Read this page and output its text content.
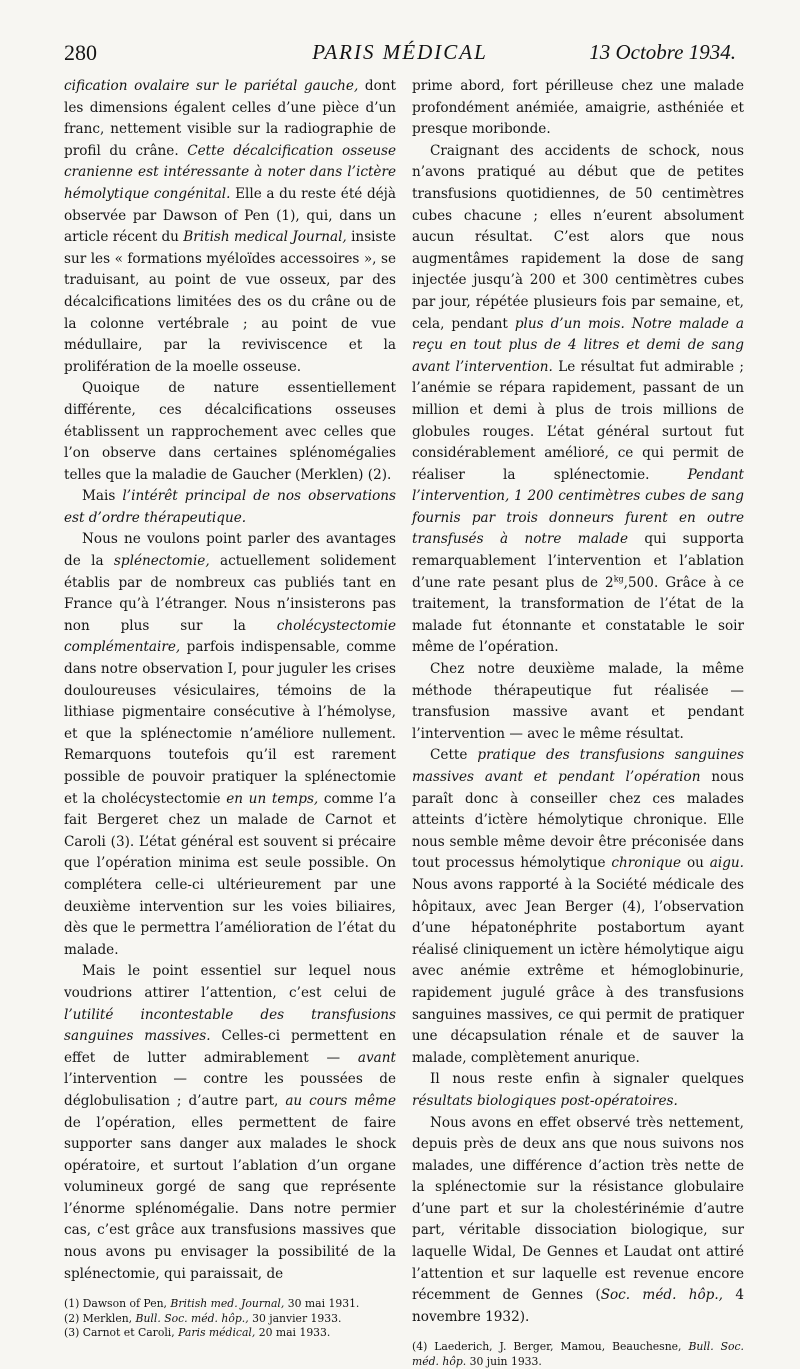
280	PARIS MÉDICAL	13 Octobre 1934.

cification ovalaire sur le pariétal gauche, dont les dimensions égalent celles d’une pièce d’un franc, nettement visible sur la radiographie de profil du crâne. Cette décalcification osseuse cranienne est intéressante à noter dans l’ictère hémolytique congénital. Elle a du reste été déjà observée par Dawson of Pen (1), qui, dans un article récent du British medical Journal, insiste sur les « formations myéloïdes accessoires », se traduisant, au point de vue osseux, par des décalcifications limitées des os du crâne ou de la colonne vertébrale ; au point de vue médullaire, par la reviviscence et la prolifération de la moelle osseuse.

Quoique de nature essentiellement différente, ces décalcifications osseuses établissent un rapprochement avec celles que l’on observe dans certaines splénomégalies telles que la maladie de Gaucher (Merklen) (2).

Mais l’intérêt principal de nos observations est d’ordre thérapeutique.

Nous ne voulons point parler des avantages de la splénectomie, actuellement solidement établis par de nombreux cas publiés tant en France qu’à l’étranger. Nous n’insisterons pas non plus sur la cholécystectomie complémentaire, parfois indispensable, comme dans notre observation I, pour juguler les crises douloureuses vésiculaires, témoins de la lithiase pigmentaire consécutive à l’hémolyse, et que la splénectomie n’améliore nullement. Remarquons toutefois qu’il est rarement possible de pouvoir pratiquer la splénectomie et la cholécystectomie en un temps, comme l’a fait Bergeret chez un malade de Carnot et Caroli (3). L’état général est souvent si précaire que l’opération minima est seule possible. On complétera celle-ci ultérieurement par une deuxième intervention sur les voies biliaires, dès que le permettra l’amélioration de l’état du malade.

Mais le point essentiel sur lequel nous voudrions attirer l’attention, c’est celui de l’utilité incontestable des transfusions sanguines massives. Celles-ci permettent en effet de lutter admirablement — avant l’intervention — contre les poussées de déglobulisation ; d’autre part, au cours même de l’opération, elles permettent de faire supporter sans danger aux malades le shock opératoire, et surtout l’ablation d’un organe volumineux gorgé de sang que représente l’énorme splénomégalie. Dans notre permier cas, c’est grâce aux transfusions massives que nous avons pu envisager la possibilité de la splénectomie, qui paraissait, de

(1) Dawson of Pen, British med. Journal, 30 mai 1931.

(2) Merklen, Bull. Soc. méd. hôp., 30 janvier 1933.

(3) Carnot et Caroli, Paris médical, 20 mai 1933.

prime abord, fort périlleuse chez une malade profondément anémiée, amaigrie, asthéniée et presque moribonde.

Craignant des accidents de schock, nous n’avons pratiqué au début que de petites transfusions quotidiennes, de 50 centimètres cubes chacune ; elles n’eurent absolument aucun résultat. C’est alors que nous augmentâmes rapidement la dose de sang injectée jusqu’à 200 et 300 centimètres cubes par jour, répétée plusieurs fois par semaine, et, cela, pendant plus d’un mois. Notre malade a reçu en tout plus de 4 litres et demi de sang avant l’intervention. Le résultat fut admirable ; l’anémie se répara rapidement, passant de un million et demi à plus de trois millions de globules rouges. L’état général surtout fut considérablement amélioré, ce qui permit de réaliser la splénectomie. Pendant l’intervention, 1 200 centimètres cubes de sang fournis par trois donneurs furent en outre transfusés à notre malade qui supporta remarquablement l’intervention et l’ablation d’une rate pesant plus de $2^{kg},500$. Grâce à ce traitement, la transformation de l’état de la malade fut étonnante et constatable le soir même de l’opération.

Chez notre deuxième malade, la même méthode thérapeutique fut réalisée — transfusion massive avant et pendant l’intervention — avec le même résultat.

Cette pratique des transfusions sanguines massives avant et pendant l’opération nous paraît donc à conseiller chez ces malades atteints d’ictère hémolytique chronique. Elle nous semble même devoir être préconisée dans tout processus hémolytique chronique ou aigu. Nous avons rapporté à la Société médicale des hôpitaux, avec Jean Berger (4), l’observation d’une hépatonéphrite postabortum ayant réalisé cliniquement un ictère hémolytique aigu avec anémie extrême et hémoglobinurie, rapidement jugulé grâce à des transfusions sanguines massives, ce qui permit de pratiquer une décapsulation rénale et de sauver la malade, complètement anurique.

Il nous reste enfin à signaler quelques résultats biologiques post-opératoires.

Nous avons en effet observé très nettement, depuis près de deux ans que nous suivons nos malades, une différence d’action très nette de la splénectomie sur la résistance globulaire d’une part et sur la cholestérinémie d’autre part, véritable dissociation biologique, sur laquelle Widal, De Gennes et Laudat ont attiré l’attention et sur laquelle est revenue encore récemment de Gennes (Soc. méd. hôp., 4 novembre 1932).

(4) Laederich, J. Berger, Mamou, Beauchesne, Bull. Soc. méd. hôp. 30 juin 1933.
